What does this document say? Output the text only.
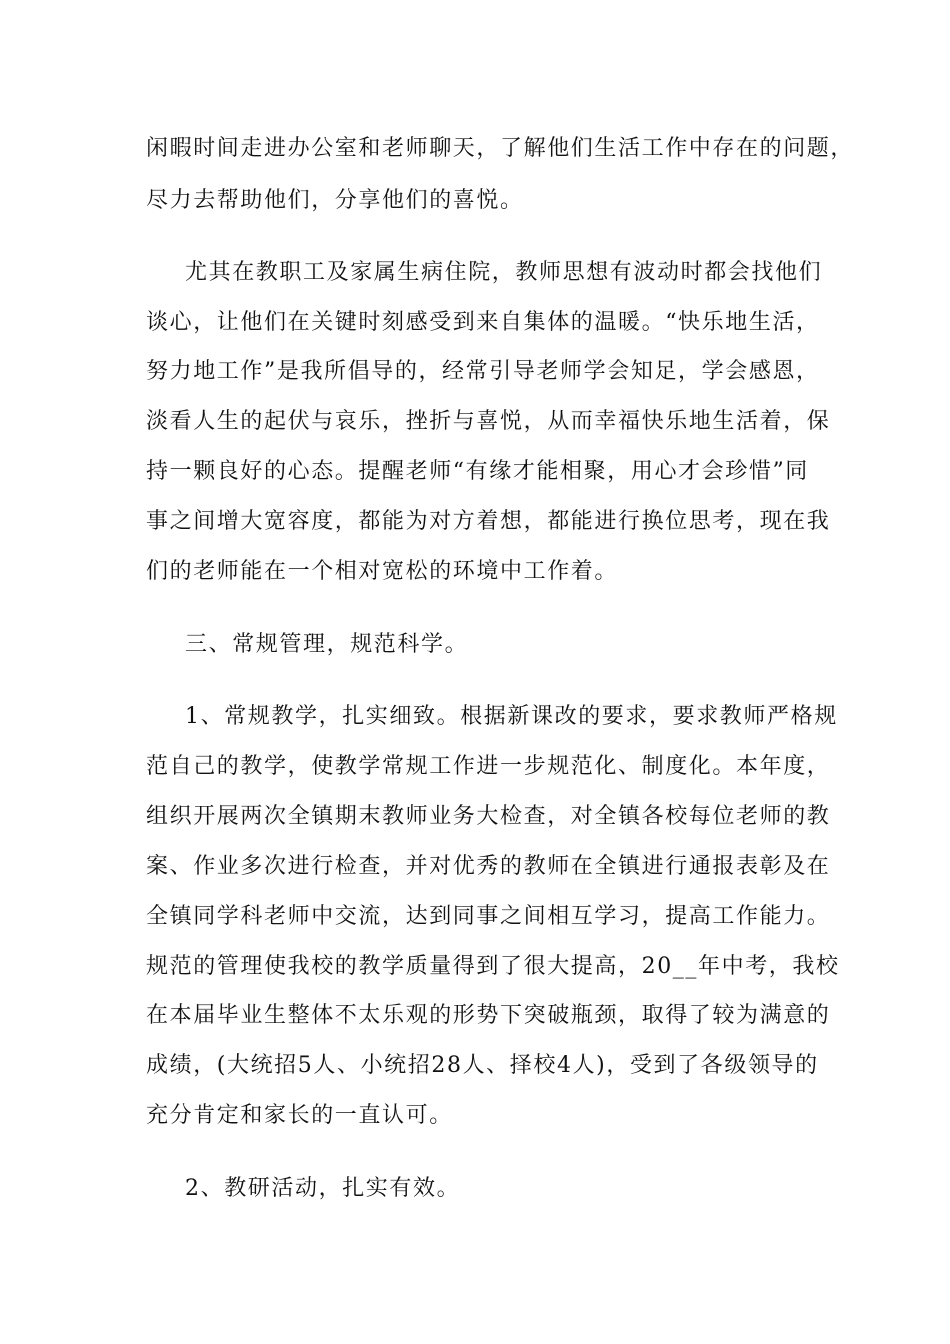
闲暇时间走进办公室和老师聊天，了解他们生活工作中存在的问题，
尽力去帮助他们，分享他们的喜悦。
尤其在教职工及家属生病住院，教师思想有波动时都会找他们
谈心，让他们在关键时刻感受到来自集体的温暖。“快乐地生活，
努力地工作”是我所倡导的，经常引导老师学会知足，学会感恩，
淡看人生的起伏与哀乐，挫折与喜悦，从而幸福快乐地生活着，保
持一颗良好的心态。提醒老师“有缘才能相聚，用心才会珍惜”同
事之间增大宽容度，都能为对方着想，都能进行换位思考，现在我
们的老师能在一个相对宽松的环境中工作着。
三、常规管理，规范科学。
1、常规教学，扎实细致。根据新课改的要求，要求教师严格规
范自己的教学，使教学常规工作进一步规范化、制度化。本年度，
组织开展两次全镇期末教师业务大检查，对全镇各校每位老师的教
案、作业多次进行检查，并对优秀的教师在全镇进行通报表彰及在
全镇同学科老师中交流，达到同事之间相互学习，提高工作能力。
规范的管理使我校的教学质量得到了很大提高，20__年中考，我校
在本届毕业生整体不太乐观的形势下突破瓶颈，取得了较为满意的
成绩，(大统招5人、小统招28人、择校4人)，受到了各级领导的
充分肯定和家长的一直认可。
2、教研活动，扎实有效。
